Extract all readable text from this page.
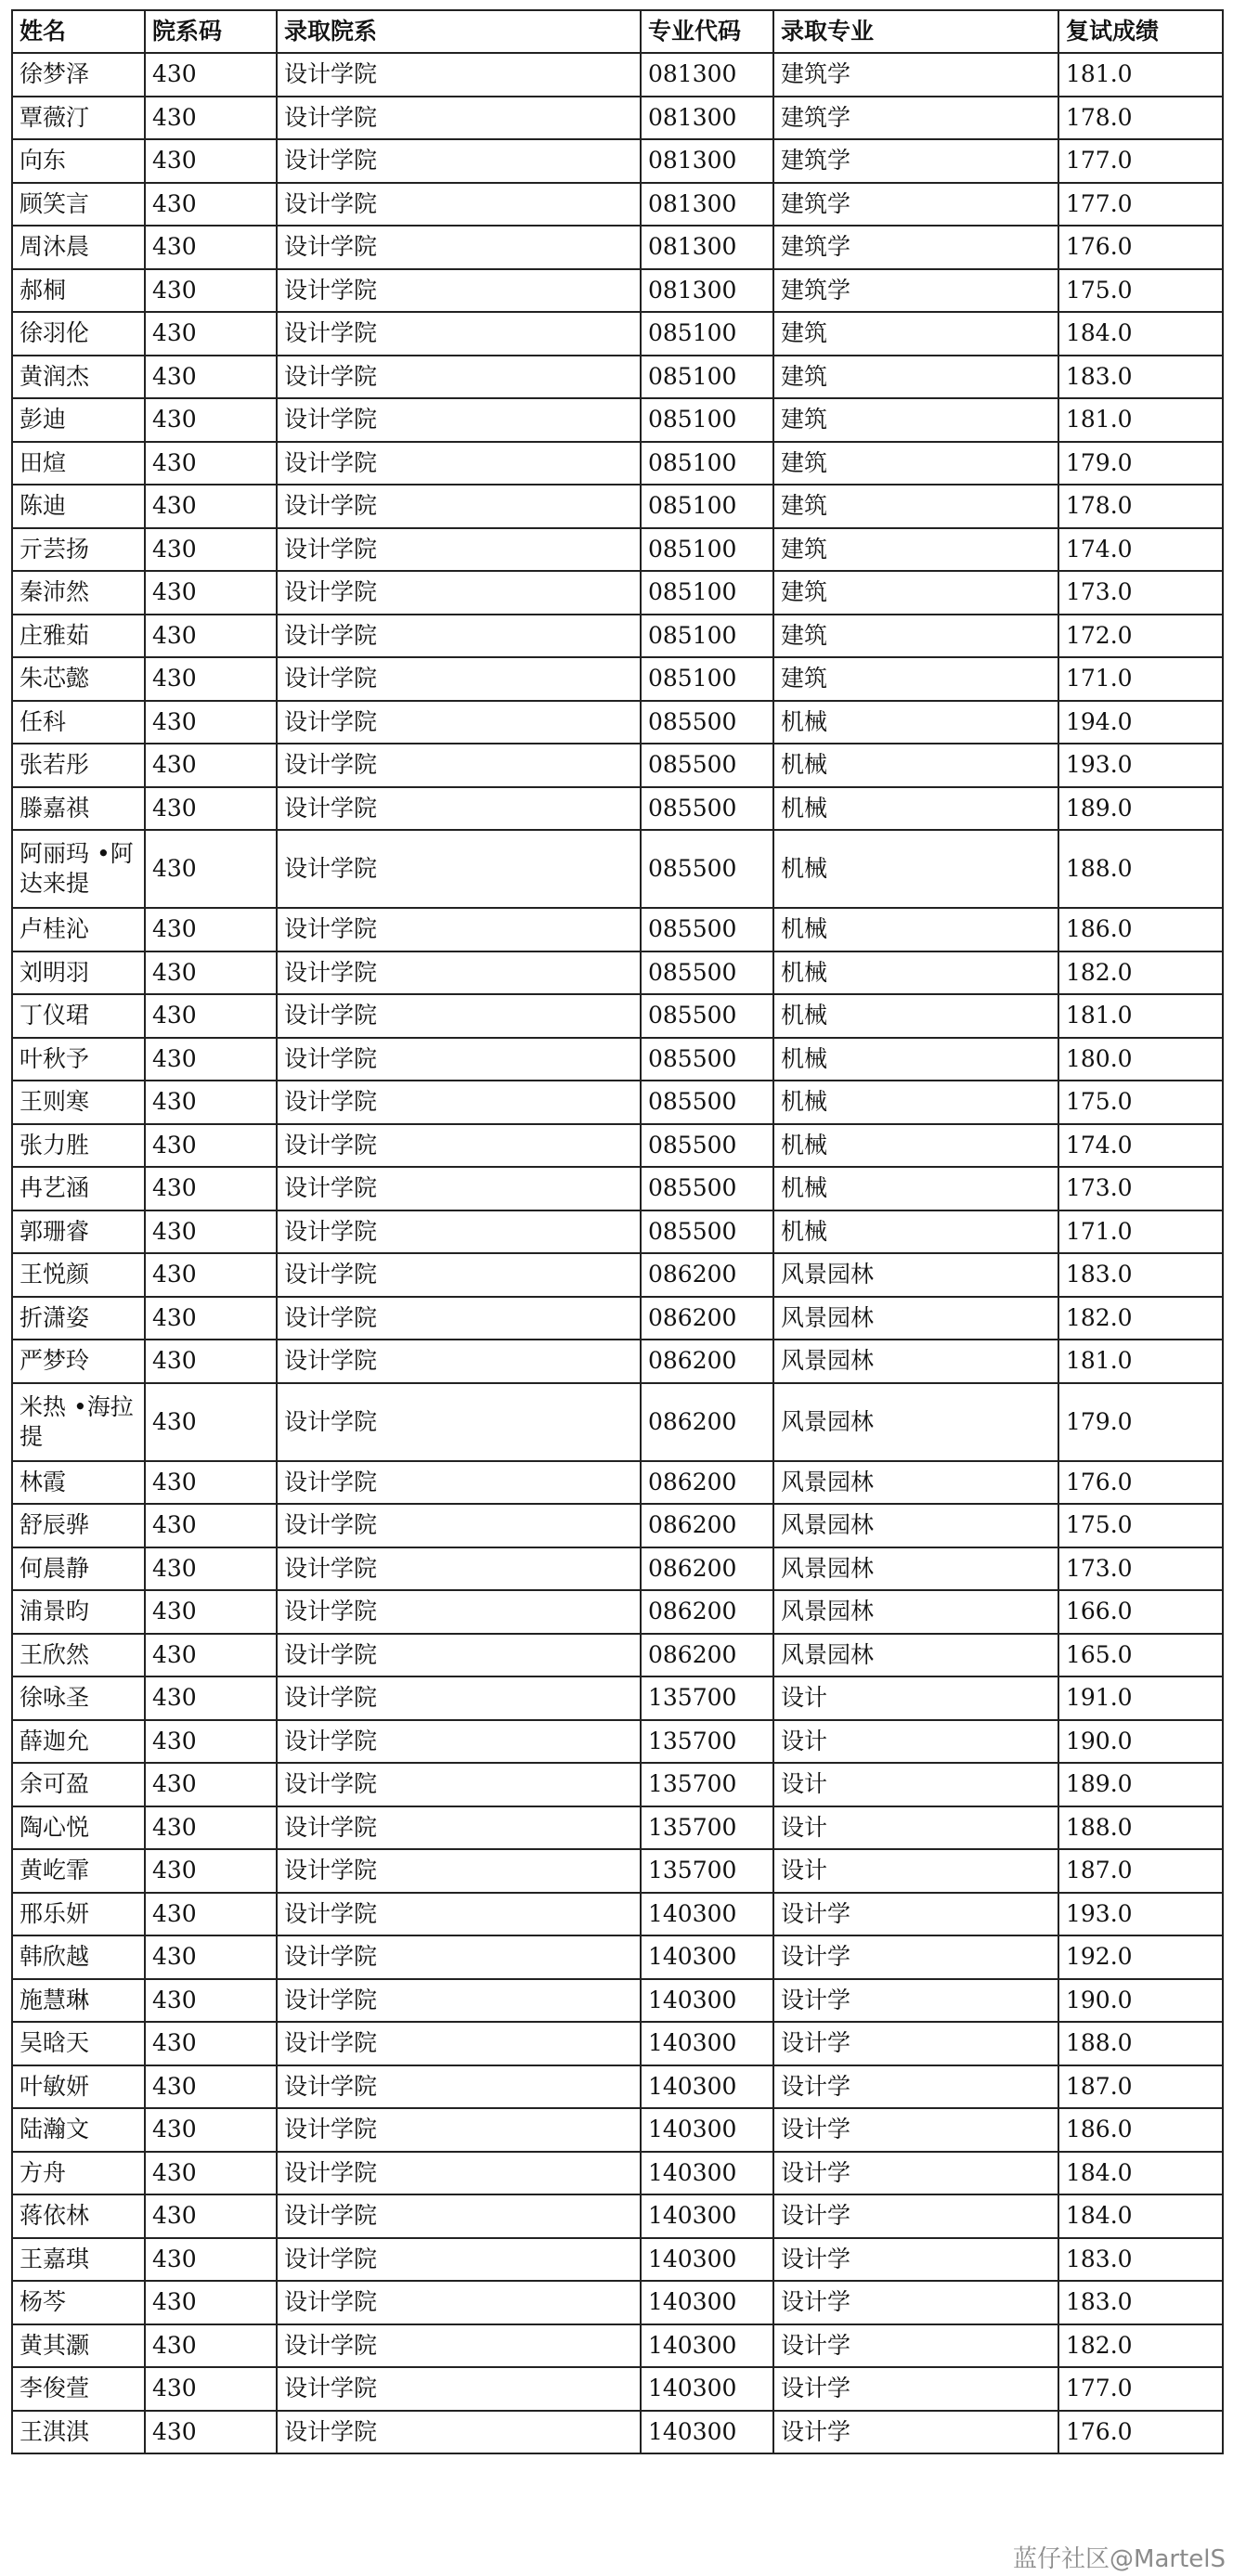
姓名	院系码	录取院系	专业代码	录取专业	复试成绩
徐梦泽	430	设计学院	081300	建筑学	181.0
覃薇汀	430	设计学院	081300	建筑学	178.0
向东	430	设计学院	081300	建筑学	177.0
顾笑言	430	设计学院	081300	建筑学	177.0
周沐晨	430	设计学院	081300	建筑学	176.0
郝桐	430	设计学院	081300	建筑学	175.0
徐羽伦	430	设计学院	085100	建筑	184.0
黄润杰	430	设计学院	085100	建筑	183.0
彭迪	430	设计学院	085100	建筑	181.0
田煊	430	设计学院	085100	建筑	179.0
陈迪	430	设计学院	085100	建筑	178.0
亓芸扬	430	设计学院	085100	建筑	174.0
秦沛然	430	设计学院	085100	建筑	173.0
庄雅茹	430	设计学院	085100	建筑	172.0
朱芯懿	430	设计学院	085100	建筑	171.0
任科	430	设计学院	085500	机械	194.0
张若彤	430	设计学院	085500	机械	193.0
滕嘉祺	430	设计学院	085500	机械	189.0
阿丽玛 •阿达来提	430	设计学院	085500	机械	188.0
卢桂沁	430	设计学院	085500	机械	186.0
刘明羽	430	设计学院	085500	机械	182.0
丁仪珺	430	设计学院	085500	机械	181.0
叶秋予	430	设计学院	085500	机械	180.0
王则寒	430	设计学院	085500	机械	175.0
张力胜	430	设计学院	085500	机械	174.0
冉艺涵	430	设计学院	085500	机械	173.0
郭珊睿	430	设计学院	085500	机械	171.0
王悦颜	430	设计学院	086200	风景园林	183.0
折潇姿	430	设计学院	086200	风景园林	182.0
严梦玲	430	设计学院	086200	风景园林	181.0
米热 •海拉提	430	设计学院	086200	风景园林	179.0
林霞	430	设计学院	086200	风景园林	176.0
舒辰骅	430	设计学院	086200	风景园林	175.0
何晨静	430	设计学院	086200	风景园林	173.0
浦景昀	430	设计学院	086200	风景园林	166.0
王欣然	430	设计学院	086200	风景园林	165.0
徐咏圣	430	设计学院	135700	设计	191.0
薛迦允	430	设计学院	135700	设计	190.0
余可盈	430	设计学院	135700	设计	189.0
陶心悦	430	设计学院	135700	设计	188.0
黄屹霏	430	设计学院	135700	设计	187.0
邢乐妍	430	设计学院	140300	设计学	193.0
韩欣越	430	设计学院	140300	设计学	192.0
施慧琳	430	设计学院	140300	设计学	190.0
吴晗天	430	设计学院	140300	设计学	188.0
叶敏妍	430	设计学院	140300	设计学	187.0
陆瀚文	430	设计学院	140300	设计学	186.0
方舟	430	设计学院	140300	设计学	184.0
蒋依林	430	设计学院	140300	设计学	184.0
王嘉琪	430	设计学院	140300	设计学	183.0
杨芩	430	设计学院	140300	设计学	183.0
黄其灏	430	设计学院	140300	设计学	182.0
李俊萱	430	设计学院	140300	设计学	177.0
王淇淇	430	设计学院	140300	设计学	176.0
蓝仔社区@MartelS
